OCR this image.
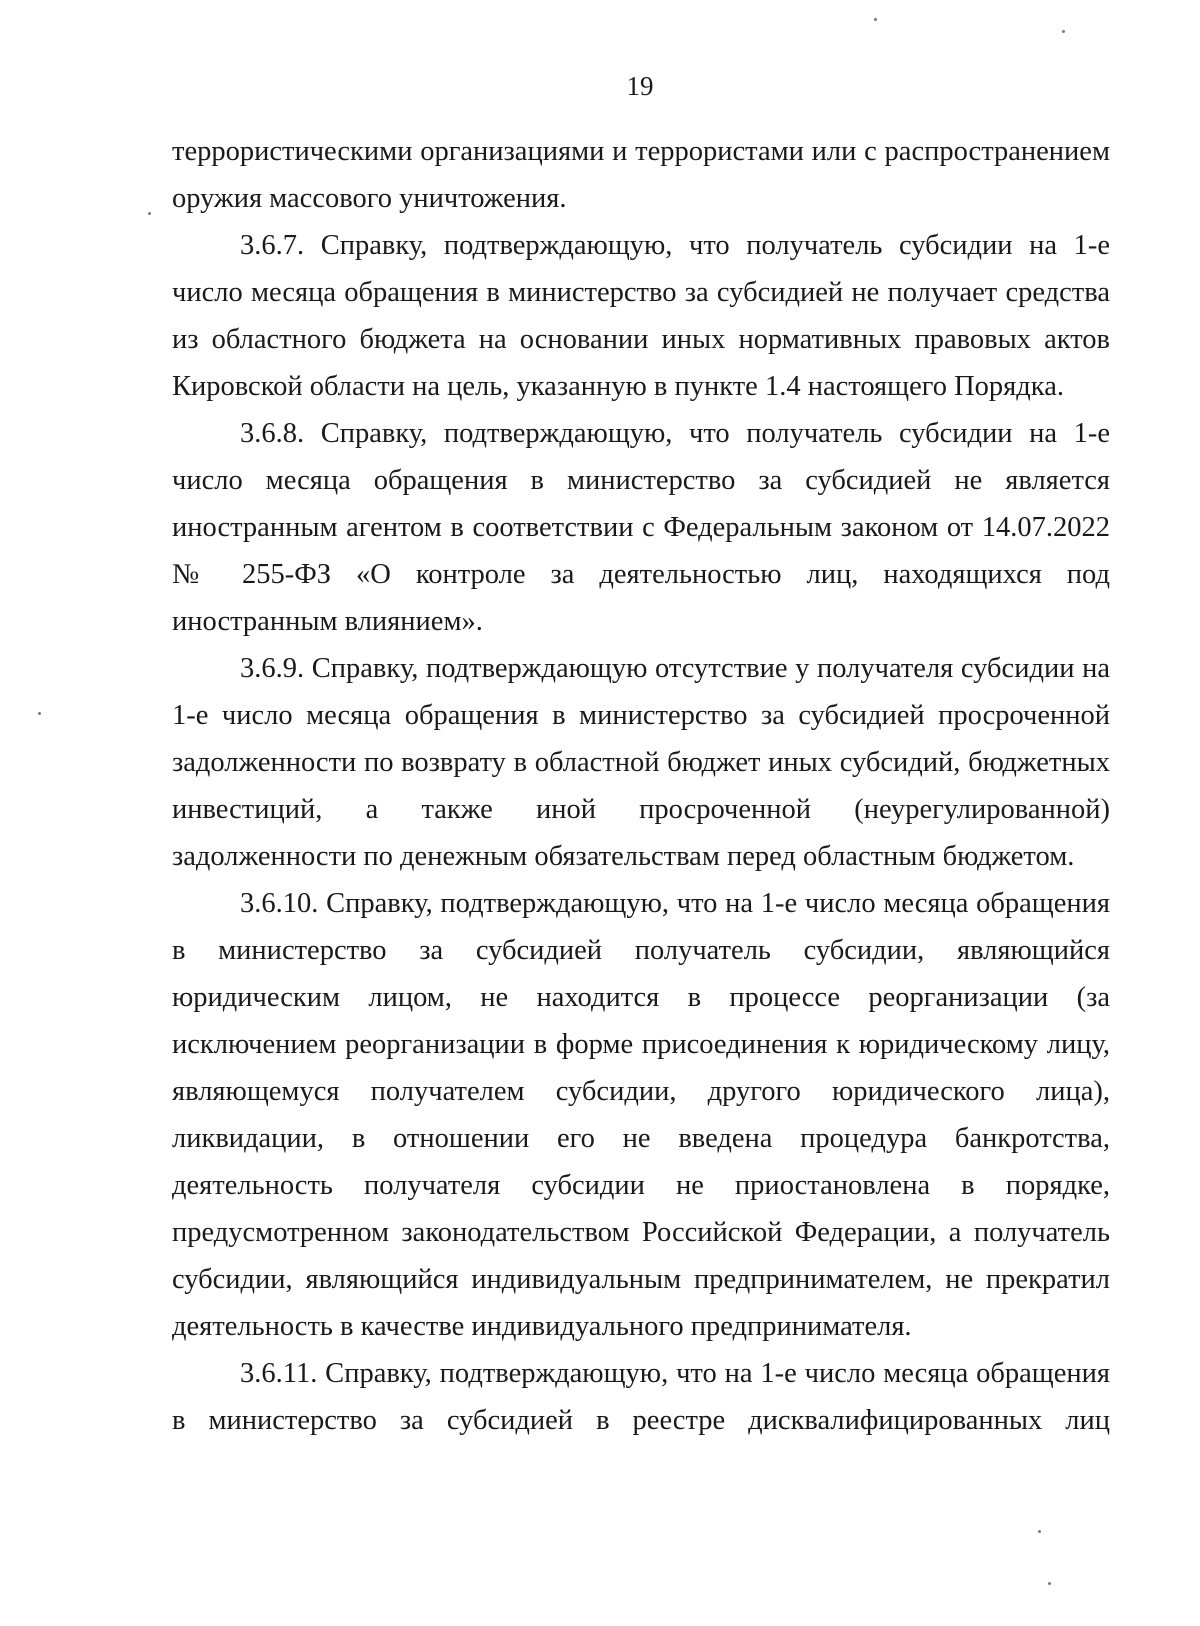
19

террористическими организациями и террористами или с распространением оружия массового уничтожения.

3.6.7. Справку, подтверждающую, что получатель субсидии на 1-е число месяца обращения в министерство за субсидией не получает средства из областного бюджета на основании иных нормативных правовых актов Кировской области на цель, указанную в пункте 1.4 настоящего Порядка.

3.6.8. Справку, подтверждающую, что получатель субсидии на 1-е число месяца обращения в министерство за субсидией не является иностранным агентом в соответствии с Федеральным законом от 14.07.2022 № 255-ФЗ «О контроле за деятельностью лиц, находящихся под иностранным влиянием».

3.6.9. Справку, подтверждающую отсутствие у получателя субсидии на 1-е число месяца обращения в министерство за субсидией просроченной задолженности по возврату в областной бюджет иных субсидий, бюджетных инвестиций, а также иной просроченной (неурегулированной) задолженности по денежным обязательствам перед областным бюджетом.

3.6.10. Справку, подтверждающую, что на 1-е число месяца обращения в министерство за субсидией получатель субсидии, являющийся юридическим лицом, не находится в процессе реорганизации (за исключением реорганизации в форме присоединения к юридическому лицу, являющемуся получателем субсидии, другого юридического лица), ликвидации, в отношении его не введена процедура банкротства, деятельность получателя субсидии не приостановлена в порядке, предусмотренном законодательством Российской Федерации, а получатель субсидии, являющийся индивидуальным предпринимателем, не прекратил деятельность в качестве индивидуального предпринимателя.

3.6.11. Справку, подтверждающую, что на 1-е число месяца обращения в министерство за субсидией в реестре дисквалифицированных лиц
